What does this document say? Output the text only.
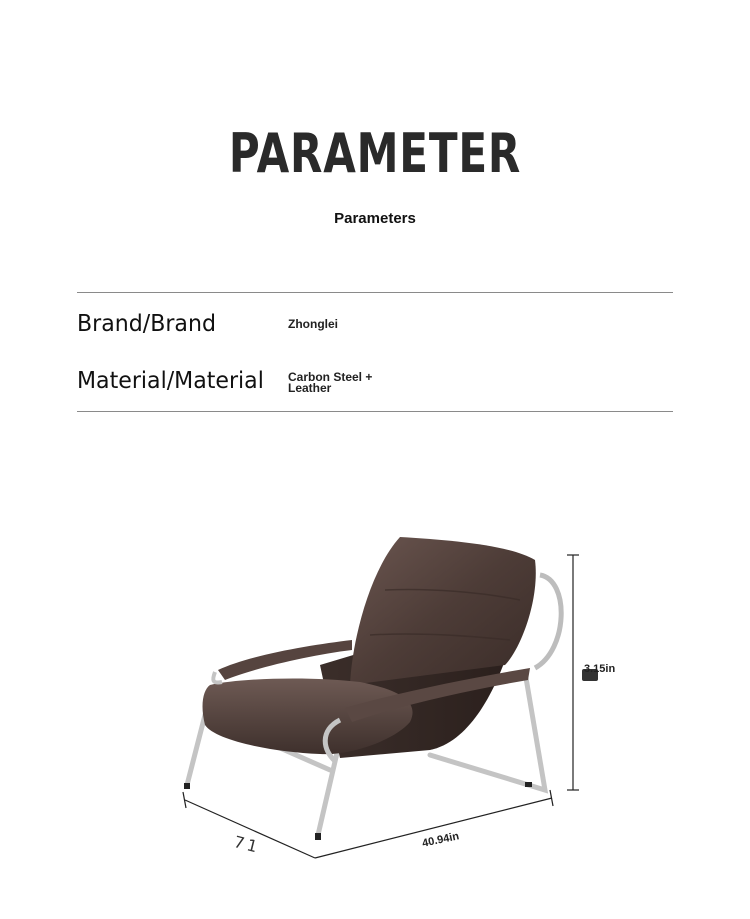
PARAMETER
Parameters
Brand/Brand	Zhonglei
Material/Material Carbon Steel + Leather
3.15in
40.94in
71
